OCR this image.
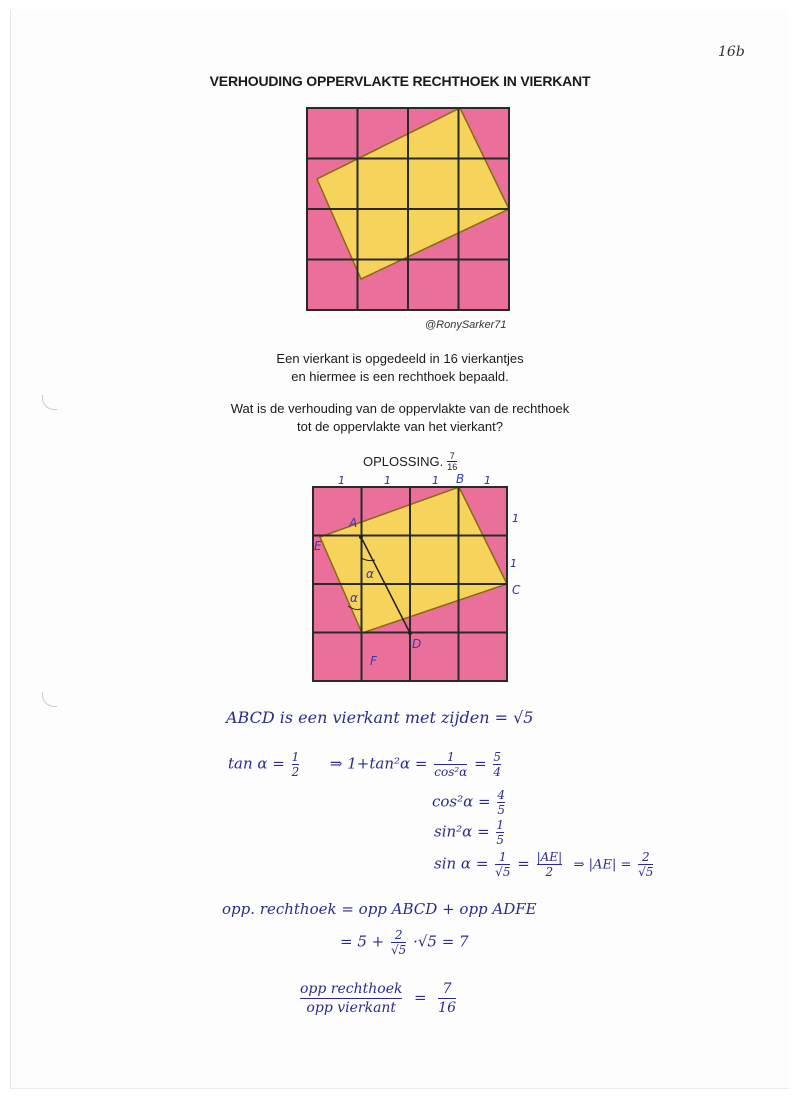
16b
VERHOUDING OPPERVLAKTE RECHTHOEK IN VIERKANT
@RonySarker71
Een vierkant is opgedeeld in 16 vierkantjes
en hiermee is een rechthoek bepaald.
Wat is de verhouding van de oppervlakte van de rechthoek
tot de oppervlakte van het vierkant?
OPLOSSING. $\frac{7}{16}$
1	1	1	1
1
1
A
B
C
D
E
F
α
α
ABCD is een vierkant met zijden = √5
$\tan \alpha = \frac{1}{2}$ ⇒ $1+\tan^2\alpha = \frac{1}{\text{cos²α}} = \frac{5}{4}$
$\cos^2\alpha = \frac{4}{5}$
$\sin^2\alpha = \frac{1}{5}$
$\sin \alpha = \frac{1}{√5} = \frac{|AE|}{2}$ ⇒ $|AE| = \frac{2}{√5}$
opp. rechthoek = opp ABCD + opp ADFE
= $5 + \frac{2}{√5} \cdot√5 = 7$
opp rechthoek
opp vierkant
= $\frac{7}{16}$
